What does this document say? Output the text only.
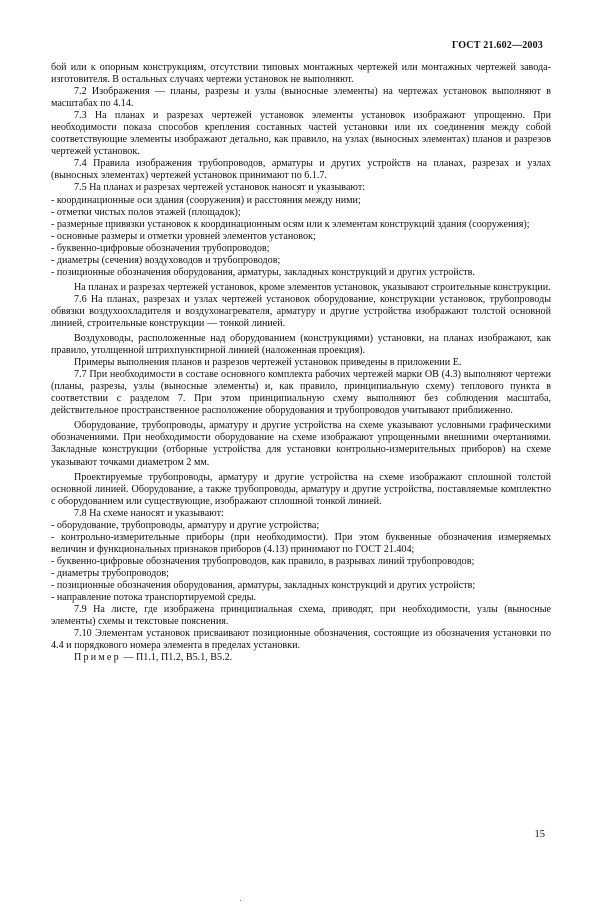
ГОСТ 21.602—2003

бой или к опорным конструкциям, отсутствии типовых монтажных чертежей или монтажных чертежей завода-изготовителя. В остальных случаях чертежи установок не выполняют.

7.2 Изображения — планы, разрезы и узлы (выносные элементы) на чертежах установок выполняют в масштабах по 4.14.

7.3 На планах и разрезах чертежей установок элементы установок изображают упрощенно. При необходимости показа способов крепления составных частей установки или их соединения между собой соответствующие элементы изображают детально, как правило, на узлах (выносных элементах) планов и разрезов чертежей установок.

7.4 Правила изображения трубопроводов, арматуры и других устройств на планах, разрезах и узлах (выносных элементах) чертежей установок принимают по 6.1.7.

7.5 На планах и разрезах чертежей установок наносят и указывают:

- координационные оси здания (сооружения) и расстояния между ними;

- отметки чистых полов этажей (площадок);

- размерные привязки установок к координационным осям или к элементам конструкций здания (сооружения);

- основные размеры и отметки уровней элементов установок;

- буквенно-цифровые обозначения трубопроводов;

- диаметры (сечения) воздуховодов и трубопроводов;

- позиционные обозначения оборудования, арматуры, закладных конструкций и других устройств.

На планах и разрезах чертежей установок, кроме элементов установок, указывают строительные конструкции.

7.6 На планах, разрезах и узлах чертежей установок оборудование, конструкции установок, трубопроводы обвязки воздухоохладителя и воздухонагревателя, арматуру и другие устройства изображают толстой основной линией, строительные конструкции — тонкой линией.

Воздуховоды, расположенные над оборудованием (конструкциями) установки, на планах изображают, как правило, утолщенной штрихпунктирной линией (наложенная проекция).

Примеры выполнения планов и разрезов чертежей установок приведены в приложении Е.

7.7 При необходимости в составе основного комплекта рабочих чертежей марки ОВ (4.3) выполняют чертежи (планы, разрезы, узлы (выносные элементы) и, как правило, принципиальную схему) теплового пункта в соответствии с разделом 7. При этом принципиальную схему выполняют без соблюдения масштаба, действительное пространственное расположение оборудования и трубопроводов учитывают приближенно.

Оборудование, трубопроводы, арматуру и другие устройства на схеме указывают условными графическими обозначениями. При необходимости оборудование на схеме изображают упрощенными внешними очертаниями. Закладные конструкции (отборные устройства для установки контрольно-измерительных приборов) на схеме указывают точками диаметром 2 мм.

Проектируемые трубопроводы, арматуру и другие устройства на схеме изображают сплошной толстой основной линией. Оборудование, а также трубопроводы, арматуру и другие устройства, поставляемые комплектно с оборудованием или существующие, изображают сплошной тонкой линией.

7.8 На схеме наносят и указывают:

- оборудование, трубопроводы, арматуру и другие устройства;

- контрольно-измерительные приборы (при необходимости). При этом буквенные обозначения измеряемых величин и функциональных признаков приборов (4.13) принимают по ГОСТ 21.404;

- буквенно-цифровые обозначения трубопроводов, как правило, в разрывах линий трубопроводов;

- диаметры трубопроводов;

- позиционные обозначения оборудования, арматуры, закладных конструкций и других устройств;

- направление потока транспортируемой среды.

7.9 На листе, где изображена принципиальная схема, приводят, при необходимости, узлы (выносные элементы) схемы и текстовые пояснения.

7.10 Элементам установок присваивают позиционные обозначения, состоящие из обозначения установки по 4.4 и порядкового номера элемента в пределах установки.

Пример — П1.1, П1.2, В5.1, В5.2.

15
